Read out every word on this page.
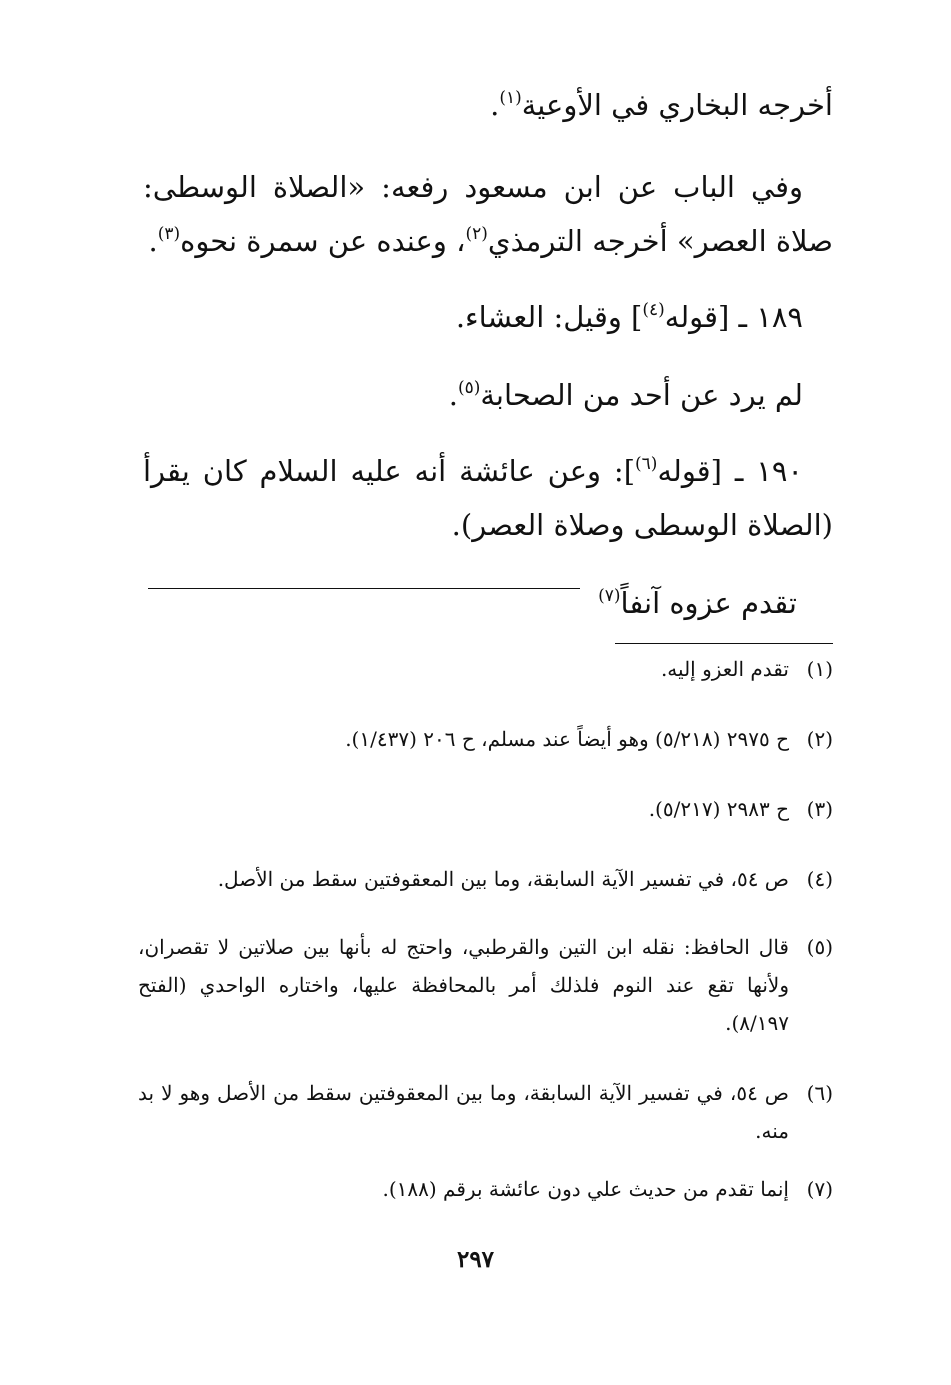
أخرجه البخاري في الأوعية$^{(١)}$.

وفي الباب عن ابن مسعود رفعه: «الصلاة الوسطى: صلاة العصر» أخرجه الترمذي$^{(٢)}$، وعنده عن سمرة نحوه$^{(٣)}$.

١٨٩ ـ [قوله$^{(٤)}$] وقيل: العشاء.

لم يرد عن أحد من الصحابة$^{(٥)}$.

١٩٠ ـ [قوله$^{(٦)}$]: وعن عائشة أنه عليه السلام كان يقرأ (الصلاة الوسطى وصلاة العصر).

تقدم عزوه آنفاً$^{(٧)}$

(١)
تقدم العزو إليه.

(٢)
ح ٢٩٧٥ (٥/٢١٨) وهو أيضاً عند مسلم، ح ٢٠٦ (١/٤٣٧).

(٣)
ح ٢٩٨٣ (٥/٢١٧).

(٤)
ص ٥٤، في تفسير الآية السابقة، وما بين المعقوفتين سقط من الأصل.

(٥)
قال الحافظ: نقله ابن التين والقرطبي، واحتج له بأنها بين صلاتين لا تقصران، ولأنها تقع عند النوم فلذلك أمر بالمحافظة عليها، واختاره الواحدي (الفتح ٨/١٩٧).

(٦)
ص ٥٤، في تفسير الآية السابقة، وما بين المعقوفتين سقط من الأصل وهو لا بد منه.

(٧)
إنما تقدم من حديث علي دون عائشة برقم (١٨٨).

٢٩٧
